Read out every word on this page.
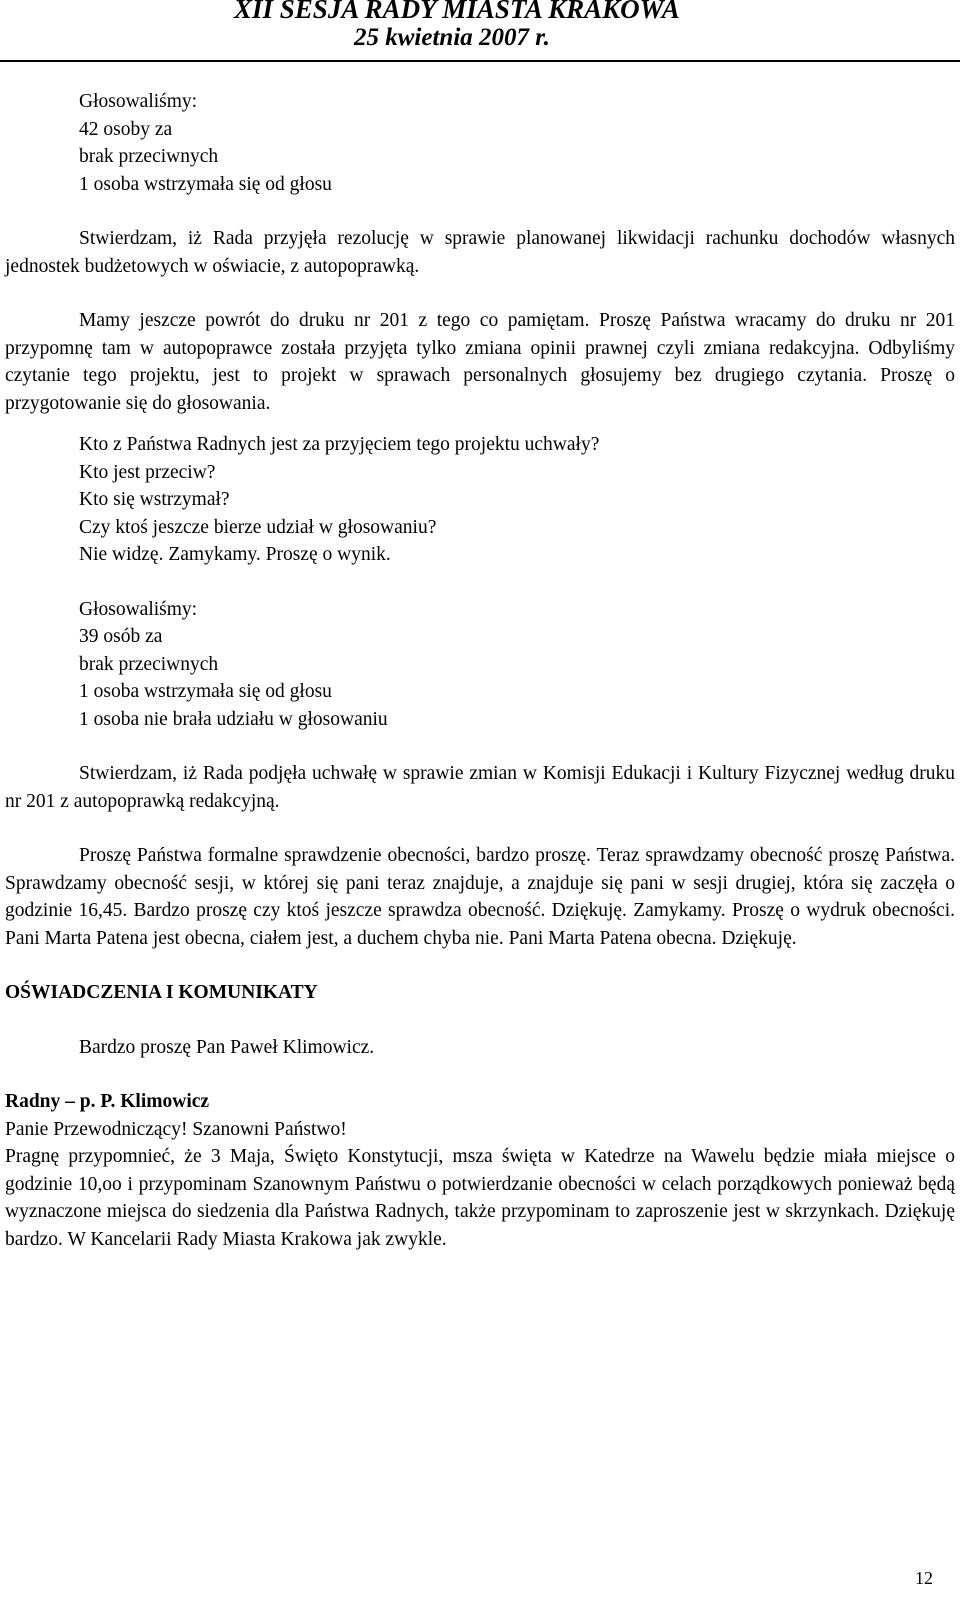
XII SESJA RADY MIASTA KRAKOWA
25 kwietnia 2007 r.
Głosowaliśmy:
42 osoby za
brak przeciwnych
1 osoba wstrzymała się od głosu

Stwierdzam, iż Rada przyjęła rezolucję w sprawie planowanej likwidacji rachunku dochodów własnych jednostek budżetowych w oświacie, z autopoprawką.

Mamy jeszcze powrót do druku nr 201 z tego co pamiętam. Proszę Państwa wracamy do druku nr 201 przypomnę tam w autopoprawce została przyjęta tylko zmiana opinii prawnej czyli zmiana redakcyjna. Odbyliśmy czytanie tego projektu, jest to projekt w sprawach personalnych głosujemy bez drugiego czytania. Proszę o przygotowanie się do głosowania.

Kto z Państwa Radnych jest za przyjęciem tego projektu uchwały?
Kto jest przeciw?
Kto się wstrzymał?
Czy ktoś jeszcze bierze udział w głosowaniu?
Nie widzę. Zamykamy. Proszę o wynik.
Głosowaliśmy:
39 osób za
brak przeciwnych
1 osoba wstrzymała się od głosu
1 osoba nie brała udziału w głosowaniu

Stwierdzam, iż Rada podjęła uchwałę w sprawie zmian w Komisji Edukacji i Kultury Fizycznej według druku nr 201 z autopoprawką redakcyjną.

Proszę Państwa formalne sprawdzenie obecności, bardzo proszę. Teraz sprawdzamy obecność proszę Państwa. Sprawdzamy obecność sesji, w której się pani teraz znajduje, a znajduje się pani w sesji drugiej, która się zaczęła o godzinie 16,45. Bardzo proszę czy ktoś jeszcze sprawdza obecność. Dziękuję. Zamykamy. Proszę o wydruk obecności. Pani Marta Patena jest obecna, ciałem jest, a duchem chyba nie. Pani Marta Patena obecna. Dziękuję.

OŚWIADCZENIA I KOMUNIKATY

Bardzo proszę Pan Paweł Klimowicz.

Radny – p. P. Klimowicz

Panie Przewodniczący! Szanowni Państwo!

Pragnę przypomnieć, że 3 Maja, Święto Konstytucji, msza święta w Katedrze na Wawelu będzie miała miejsce o godzinie 10,oo i przypominam Szanownym Państwu o potwierdzanie obecności w celach porządkowych ponieważ będą wyznaczone miejsca do siedzenia dla Państwa Radnych, także przypominam to zaproszenie jest w skrzynkach. Dziękuję bardzo. W Kancelarii Rady Miasta Krakowa jak zwykle.

12
